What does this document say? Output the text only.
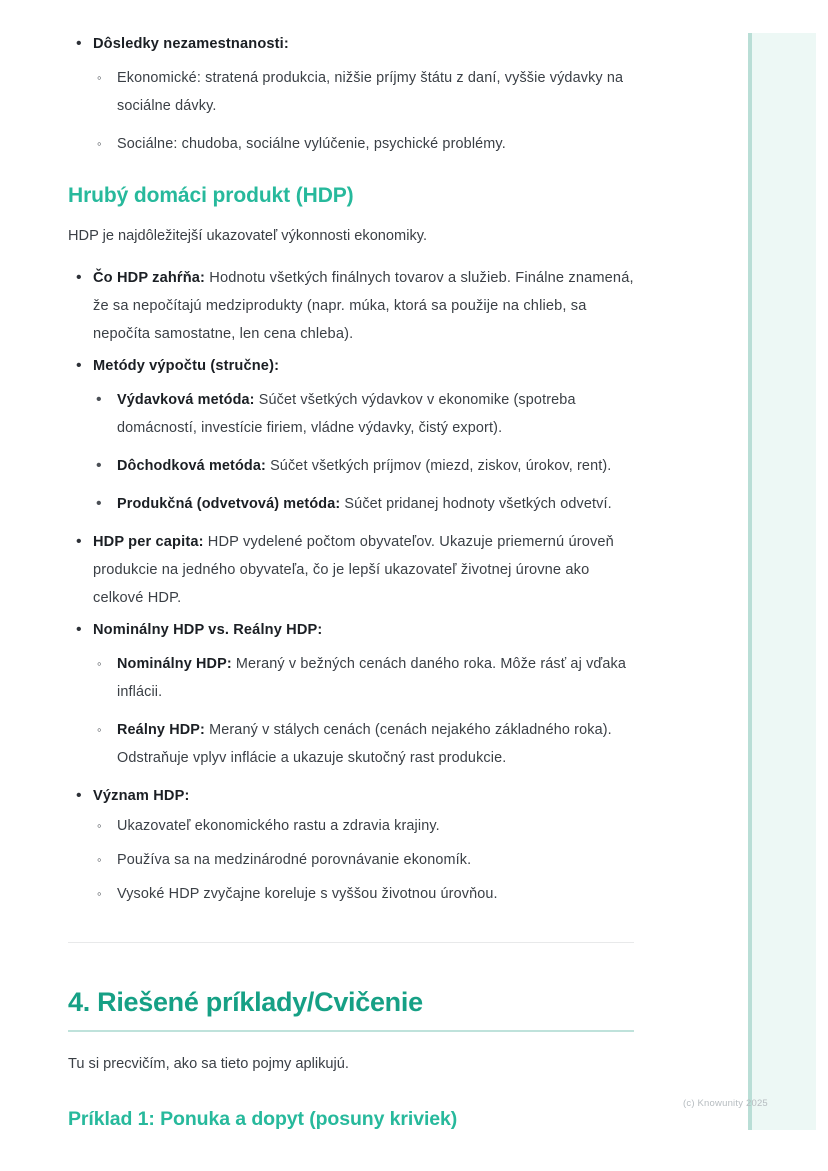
• Dôsledky nezamestnanosti:
◦ Ekonomické: stratená produkcia, nižšie príjmy štátu z daní, vyššie výdavky na sociálne dávky.
◦ Sociálne: chudoba, sociálne vylúčenie, psychické problémy.
Hrubý domáci produkt (HDP)

HDP je najdôležitejší ukazovateľ výkonnosti ekonomiky.

• Čo HDP zahŕňa: Hodnotu všetkých finálnych tovarov a služieb. Finálne znamená, že sa nepočítajú medziprodukty (napr. múka, ktorá sa použije na chlieb, sa nepočíta samostatne, len cena chleba).
• Metódy výpočtu (stručne):
• Výdavková metóda: Súčet všetkých výdavkov v ekonomike (spotreba domácností, investície firiem, vládne výdavky, čistý export).
• Dôchodková metóda: Súčet všetkých príjmov (miezd, ziskov, úrokov, rent).
• Produkčná (odvetvová) metóda: Súčet pridanej hodnoty všetkých odvetví.
• HDP per capita: HDP vydelené počtom obyvateľov. Ukazuje priemernú úroveň produkcie na jedného obyvateľa, čo je lepší ukazovateľ životnej úrovne ako celkové HDP.
• Nominálny HDP vs. Reálny HDP:
◦ Nominálny HDP: Meraný v bežných cenách daného roka. Môže rásť aj vďaka inflácii.
◦ Reálny HDP: Meraný v stálych cenách (cenách nejakého základného roka). Odstraňuje vplyv inflácie a ukazuje skutočný rast produkcie.
• Význam HDP:
◦ Ukazovateľ ekonomického rastu a zdravia krajiny.
◦ Používa sa na medzinárodné porovnávanie ekonomík.
◦ Vysoké HDP zvyčajne koreluje s vyššou životnou úrovňou.
4. Riešené príklady/Cvičenie

Tu si precvičím, ako sa tieto pojmy aplikujú.

Príklad 1: Ponuka a dopyt (posuny kriviek)
(c) Knowunity 2025
